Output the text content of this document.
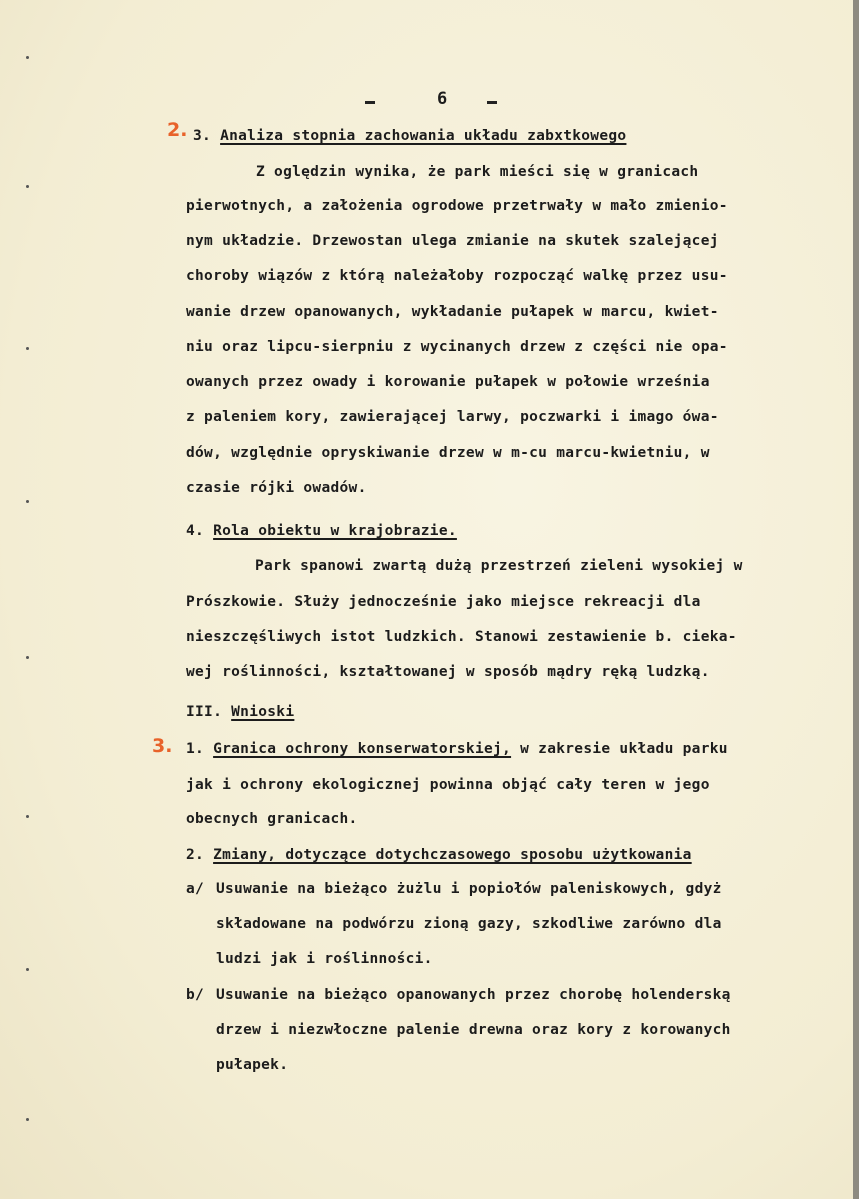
6
2. 3. Analiza stopnia zachowania układu zabxtkowego
Z oględzin wynika, że park mieści się w granicach
pierwotnych, a założenia ogrodowe przetrwały w mało zmienio-
nym układzie. Drzewostan ulega zmianie na skutek szalejącej
choroby wiązów z którą należałoby rozpocząć walkę przez usu-
wanie drzew opanowanych, wykładanie pułapek w marcu, kwiet-
niu oraz lipcu-sierpniu z wycinanych drzew z części nie opa-
owanych przez owady i korowanie pułapek w połowie września
z paleniem kory, zawierającej larwy, poczwarki i imago ówa-
dów, względnie opryskiwanie drzew w m-cu marcu-kwietniu, w
czasie rójki owadów.
4. Rola obiektu w krajobrazie.
Park spanowi zwartą dużą przestrzeń zieleni wysokiej w
Prószkowie. Służy jednocześnie jako miejsce rekreacji dla
nieszczęśliwych istot ludzkich. Stanowi zestawienie b. cieka-
wej roślinności, kształtowanej w sposób mądry ręką ludzką.
III. Wnioski
3. 1. Granica ochrony konserwatorskiej, w zakresie układu parku
jak i ochrony ekologicznej powinna objąć cały teren w jego
obecnych granicach.
2. Zmiany, dotyczące dotychczasowego sposobu użytkowania
a/ Usuwanie na bieżąco żużlu i popiołów paleniskowych, gdyż
składowane na podwórzu zioną gazy, szkodliwe zarówno dla
ludzi jak i roślinności.
b/ Usuwanie na bieżąco opanowanych przez chorobę holenderską
drzew i niezwłoczne palenie drewna oraz kory z korowanych
pułapek.
